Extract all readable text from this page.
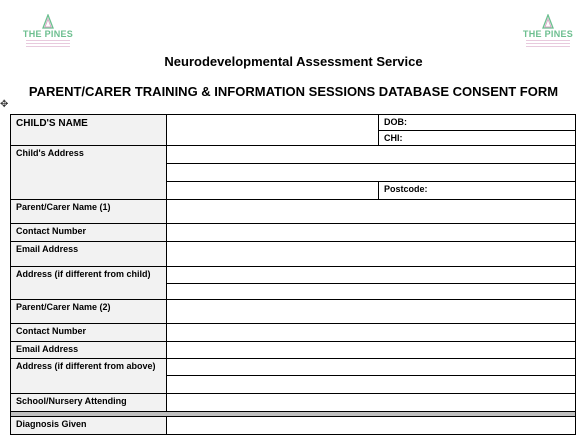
THE PINES	THE PINES
Neurodevelopmental Assessment Service
PARENT/CARER TRAINING & INFORMATION SESSIONS DATABASE CONSENT FORM
✥
CHILD'S NAME		DOB:
		CHI:
Child's Address		

		Postcode:
Parent/Carer Name (1)		
Contact Number		
Email Address		
Address (if different from child)		

Parent/Carer Name (2)		
Contact Number		
Email Address		
Address (if different from above)		

School/Nursery Attending		

Diagnosis Given		
